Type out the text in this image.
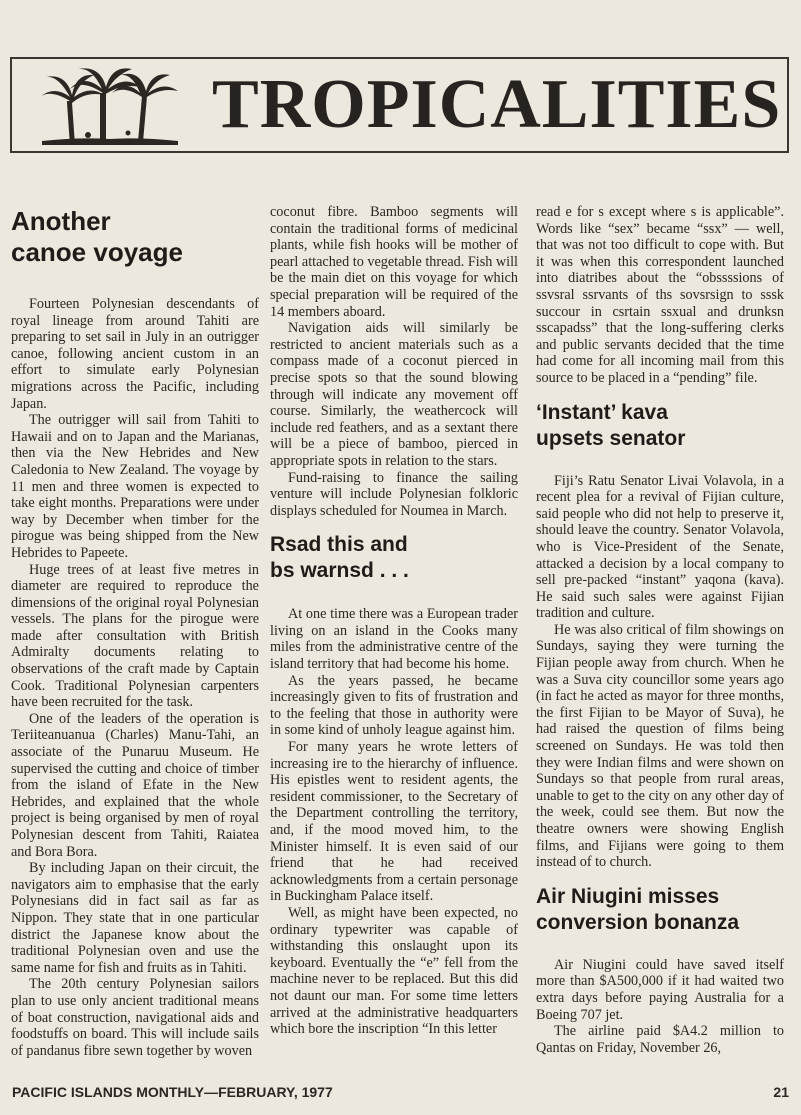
TROPICALITIES
Another
canoe voyage

Fourteen Polynesian descendants of royal lineage from around Tahiti are preparing to set sail in July in an outrigger canoe, following ancient custom in an effort to simulate early Polynesian migrations across the Pacific, including Japan.

The outrigger will sail from Tahiti to Hawaii and on to Japan and the Marianas, then via the New Hebrides and New Caledonia to New Zealand. The voyage by 11 men and three women is expected to take eight months. Preparations were under way by December when timber for the pirogue was being shipped from the New Hebrides to Papeete.

Huge trees of at least five metres in diameter are required to reproduce the dimensions of the original royal Polynesian vessels. The plans for the pirogue were made after consultation with British Admiralty documents relating to observations of the craft made by Captain Cook. Traditional Polynesian carpenters have been recruited for the task.

One of the leaders of the operation is Teriiteanuanua (Charles) Manu-Tahi, an associate of the Punaruu Museum. He supervised the cutting and choice of timber from the island of Efate in the New Hebrides, and explained that the whole project is being organised by men of royal Polynesian descent from Tahiti, Raiatea and Bora Bora.

By including Japan on their circuit, the navigators aim to emphasise that the early Polynesians did in fact sail as far as Nippon. They state that in one particular district the Japanese know about the traditional Polynesian oven and use the same name for fish and fruits as in Tahiti.

The 20th century Polynesian sailors plan to use only ancient traditional means of boat construction, navigational aids and foodstuffs on board. This will include sails of pandanus fibre sewn together by woven

coconut fibre. Bamboo segments will contain the traditional forms of medicinal plants, while fish hooks will be mother of pearl attached to vegetable thread. Fish will be the main diet on this voyage for which special preparation will be required of the 14 members aboard.

Navigation aids will similarly be restricted to ancient materials such as a compass made of a coconut pierced in precise spots so that the sound blowing through will indicate any movement off course. Similarly, the weathercock will include red feathers, and as a sextant there will be a piece of bamboo, pierced in appropriate spots in relation to the stars.

Fund-raising to finance the sailing venture will include Polynesian folkloric displays scheduled for Noumea in March.

Rsad this and
bs warnsd . . .

At one time there was a European trader living on an island in the Cooks many miles from the administrative centre of the island territory that had become his home.

As the years passed, he became increasingly given to fits of frustration and to the feeling that those in authority were in some kind of unholy league against him.

For many years he wrote letters of increasing ire to the hierarchy of influence. His epistles went to resident agents, the resident commissioner, to the Secretary of the Department controlling the territory, and, if the mood moved him, to the Minister himself. It is even said of our friend that he had received acknowledgments from a certain personage in Buckingham Palace itself.

Well, as might have been expected, no ordinary typewriter was capable of withstanding this onslaught upon its keyboard. Eventually the “e” fell from the machine never to be replaced. But this did not daunt our man. For some time letters arrived at the administrative headquarters which bore the inscription “In this letter

read e for s except where s is applicable”. Words like “sex” became “ssx” — well, that was not too difficult to cope with. But it was when this correspondent launched into diatribes about the “obssssions of ssvsral ssrvants of ths sovsrsign to sssk succour in csrtain ssxual and drunksn sscapadss” that the long-suffering clerks and public servants decided that the time had come for all incoming mail from this source to be placed in a “pending” file.

‘Instant’ kava
upsets senator

Fiji’s Ratu Senator Livai Volavola, in a recent plea for a revival of Fijian culture, said people who did not help to preserve it, should leave the country. Senator Volavola, who is Vice-President of the Senate, attacked a decision by a local company to sell pre-packed “instant” yaqona (kava). He said such sales were against Fijian tradition and culture.

He was also critical of film showings on Sundays, saying they were turning the Fijian people away from church. When he was a Suva city councillor some years ago (in fact he acted as mayor for three months, the first Fijian to be Mayor of Suva), he had raised the question of films being screened on Sundays. He was told then they were Indian films and were shown on Sundays so that people from rural areas, unable to get to the city on any other day of the week, could see them. But now the theatre owners were showing English films, and Fijians were going to them instead of to church.

Air Niugini misses
conversion bonanza

Air Niugini could have saved itself more than $A500,000 if it had waited two extra days before paying Australia for a Boeing 707 jet.

The airline paid $A4.2 million to Qantas on Friday, November 26,

PACIFIC ISLANDS MONTHLY—FEBRUARY, 1977	21
